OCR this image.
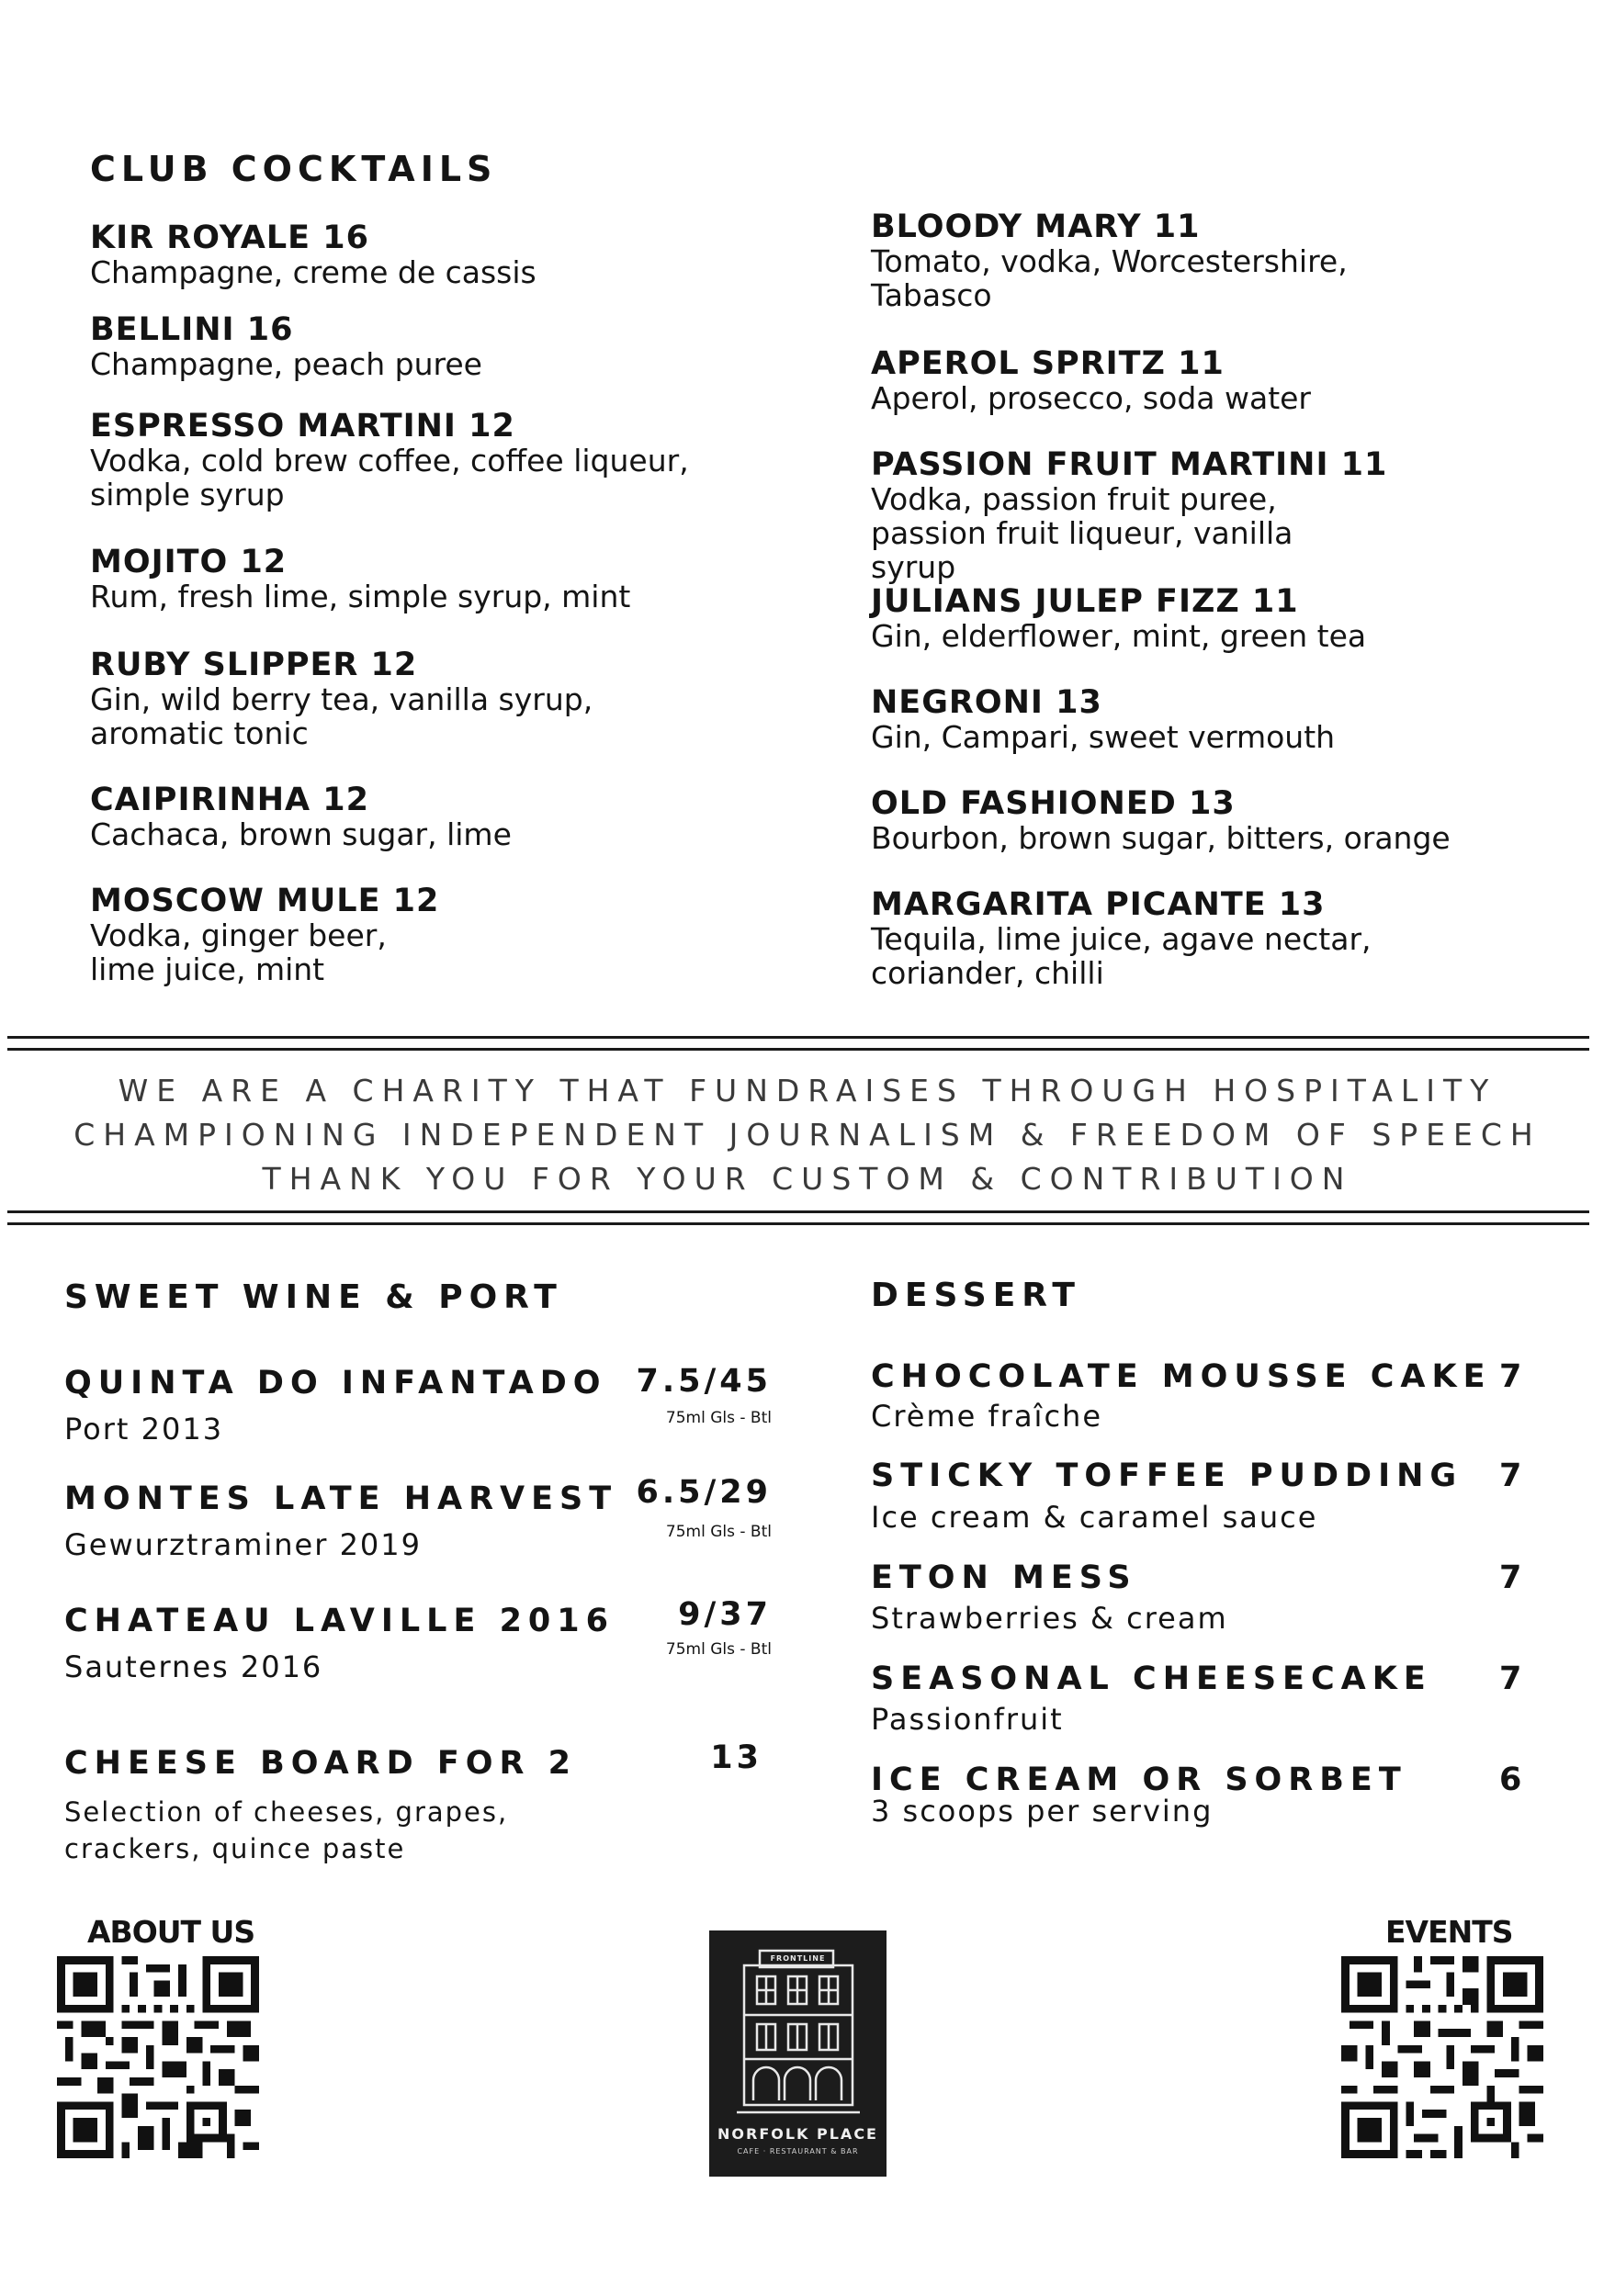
CLUB COCKTAILS
KIR ROYALE 16
Champagne, creme de cassis
BELLINI 16
Champagne, peach puree
ESPRESSO MARTINI 12
Vodka, cold brew coffee, coffee liqueur, simple syrup
MOJITO 12
Rum, fresh lime, simple syrup, mint
RUBY SLIPPER 12
Gin, wild berry tea, vanilla syrup, aromatic tonic
CAIPIRINHA 12
Cachaca, brown sugar, lime
MOSCOW MULE 12
Vodka, ginger beer, lime juice, mint
BLOODY MARY 11
Tomato, vodka, Worcestershire, Tabasco
APEROL SPRITZ 11
Aperol, prosecco, soda water
PASSION FRUIT MARTINI 11
Vodka, passion fruit puree, passion fruit liqueur, vanilla syrup
JULIANS JULEP FIZZ 11
Gin, elderflower, mint, green tea
NEGRONI 13
Gin, Campari, sweet vermouth
OLD FASHIONED 13
Bourbon, brown sugar, bitters, orange
MARGARITA PICANTE 13
Tequila, lime juice, agave nectar, coriander, chilli
WE ARE A CHARITY THAT FUNDRAISES THROUGH HOSPITALITY
CHAMPIONING INDEPENDENT JOURNALISM & FREEDOM OF SPEECH
THANK YOU FOR YOUR CUSTOM & CONTRIBUTION
SWEET WINE & PORT
QUINTA DO INFANTADO
Port 2013
7.5/45
75ml Gls - Btl
MONTES LATE HARVEST
Gewurztraminer 2019
6.5/29
75ml Gls - Btl
CHATEAU LAVILLE 2016
Sauternes 2016
9/37
75ml Gls - Btl
CHEESE BOARD FOR 2	13
Selection of cheeses, grapes,
crackers, quince paste
DESSERT
CHOCOLATE MOUSSE CAKE
Crème fraîche
7
STICKY TOFFEE PUDDING
Ice cream & caramel sauce
7
ETON MESS
Strawberries & cream
7
SEASONAL CHEESECAKE
Passionfruit
7
ICE CREAM OR SORBET
3 scoops per serving
6
ABOUT US
FRONTLINE
NORFOLK PLACE
CAFE · RESTAURANT & BAR
EVENTS
